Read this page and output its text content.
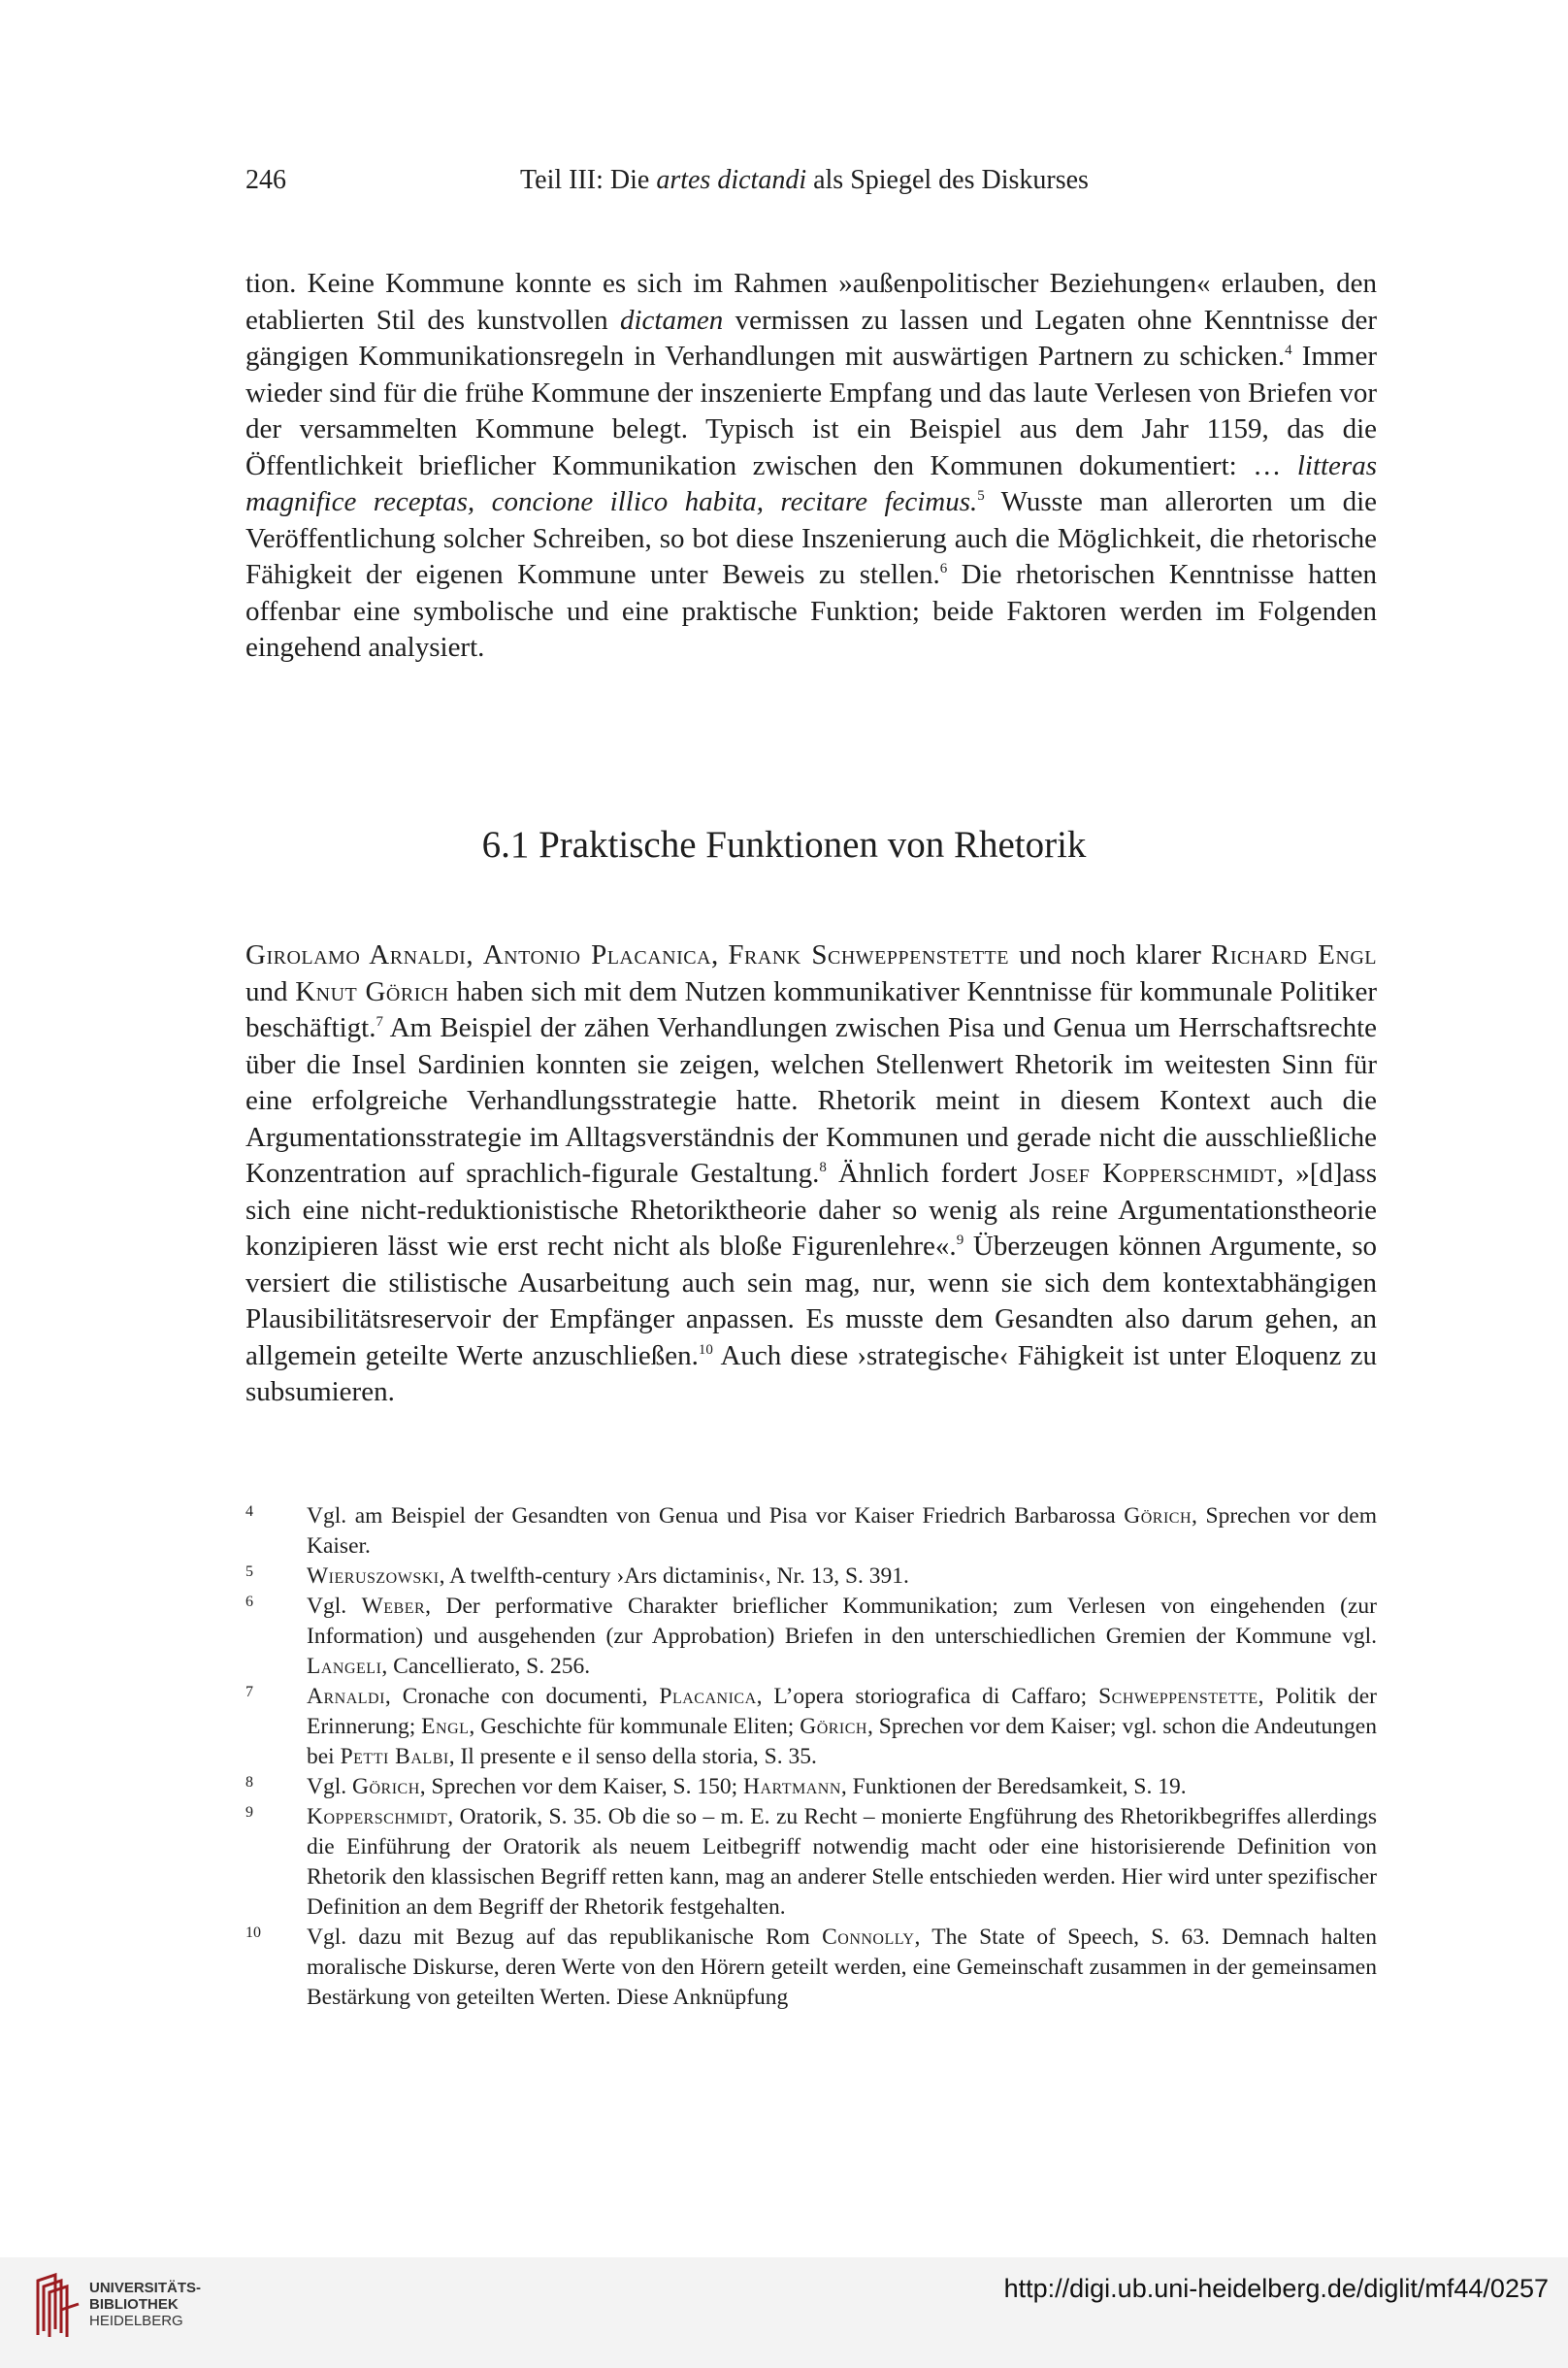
246	Teil III: Die artes dictandi als Spiegel des Diskurses

tion. Keine Kommune konnte es sich im Rahmen »außenpolitischer Beziehungen« erlauben, den etablierten Stil des kunstvollen dictamen vermissen zu lassen und Legaten ohne Kenntnisse der gängigen Kommunikationsregeln in Verhandlungen mit auswärtigen Partnern zu schicken.$^4$ Immer wieder sind für die frühe Kommune der inszenierte Empfang und das laute Verlesen von Briefen vor der versammelten Kommune belegt. Typisch ist ein Beispiel aus dem Jahr 1159, das die Öffentlichkeit brieflicher Kommunikation zwischen den Kommunen dokumentiert: … litteras magnifice receptas, concione illico habita, recitare fecimus.$^5$ Wusste man allerorten um die Veröffentlichung solcher Schreiben, so bot diese Inszenierung auch die Möglichkeit, die rhetorische Fähigkeit der eigenen Kommune unter Beweis zu stellen.$^6$ Die rhetorischen Kenntnisse hatten offenbar eine symbolische und eine praktische Funktion; beide Faktoren werden im Folgenden eingehend analysiert.

6.1 Praktische Funktionen von Rhetorik

Girolamo Arnaldi, Antonio Placanica, Frank Schweppenstette und noch klarer Richard Engl und Knut Görich haben sich mit dem Nutzen kommunikativer Kenntnisse für kommunale Politiker beschäftigt.$^7$ Am Beispiel der zähen Verhandlungen zwischen Pisa und Genua um Herrschaftsrechte über die Insel Sardinien konnten sie zeigen, welchen Stellenwert Rhetorik im weitesten Sinn für eine erfolgreiche Verhandlungsstrategie hatte. Rhetorik meint in diesem Kontext auch die Argumentationsstrategie im Alltagsverständnis der Kommunen und gerade nicht die ausschließliche Konzentration auf sprachlich-figurale Gestaltung.$^8$ Ähnlich fordert Josef Kopperschmidt, »[d]ass sich eine nicht-reduktionistische Rhetoriktheorie daher so wenig als reine Argumentationstheorie konzipieren lässt wie erst recht nicht als bloße Figurenlehre«.$^9$ Überzeugen können Argumente, so versiert die stilistische Ausarbeitung auch sein mag, nur, wenn sie sich dem kontextabhängigen Plausibilitätsreservoir der Empfänger anpassen. Es musste dem Gesandten also darum gehen, an allgemein geteilte Werte anzuschließen.$^{10}$ Auch diese ›strategische‹ Fähigkeit ist unter Eloquenz zu subsumieren.

4	Vgl. am Beispiel der Gesandten von Genua und Pisa vor Kaiser Friedrich Barbarossa Görich, Sprechen vor dem Kaiser.
5	Wieruszowski, A twelfth-century ›Ars dictaminis‹, Nr. 13, S. 391.
6	Vgl. Weber, Der performative Charakter brieflicher Kommunikation; zum Verlesen von eingehenden (zur Information) und ausgehenden (zur Approbation) Briefen in den unterschiedlichen Gremien der Kommune vgl. Langeli, Cancellierato, S. 256.
7	Arnaldi, Cronache con documenti, Placanica, L’opera storiografica di Caffaro; Schweppenstette, Politik der Erinnerung; Engl, Geschichte für kommunale Eliten; Görich, Sprechen vor dem Kaiser; vgl. schon die Andeutungen bei Petti Balbi, Il presente e il senso della storia, S. 35.
8	Vgl. Görich, Sprechen vor dem Kaiser, S. 150; Hartmann, Funktionen der Beredsamkeit, S. 19.
9	Kopperschmidt, Oratorik, S. 35. Ob die so – m. E. zu Recht – monierte Engführung des Rhetorikbegriffes allerdings die Einführung der Oratorik als neuem Leitbegriff notwendig macht oder eine historisierende Definition von Rhetorik den klassischen Begriff retten kann, mag an anderer Stelle entschieden werden. Hier wird unter spezifischer Definition an dem Begriff der Rhetorik festgehalten.
10	Vgl. dazu mit Bezug auf das republikanische Rom Connolly, The State of Speech, S. 63. Demnach halten moralische Diskurse, deren Werte von den Hörern geteilt werden, eine Gemeinschaft zusammen in der gemeinsamen Bestärkung von geteilten Werten. Diese Anknüpfung
UNIVERSITÄTS-
BIBLIOTHEK
HEIDELBERG
http://digi.ub.uni-heidelberg.de/diglit/mf44/0257
